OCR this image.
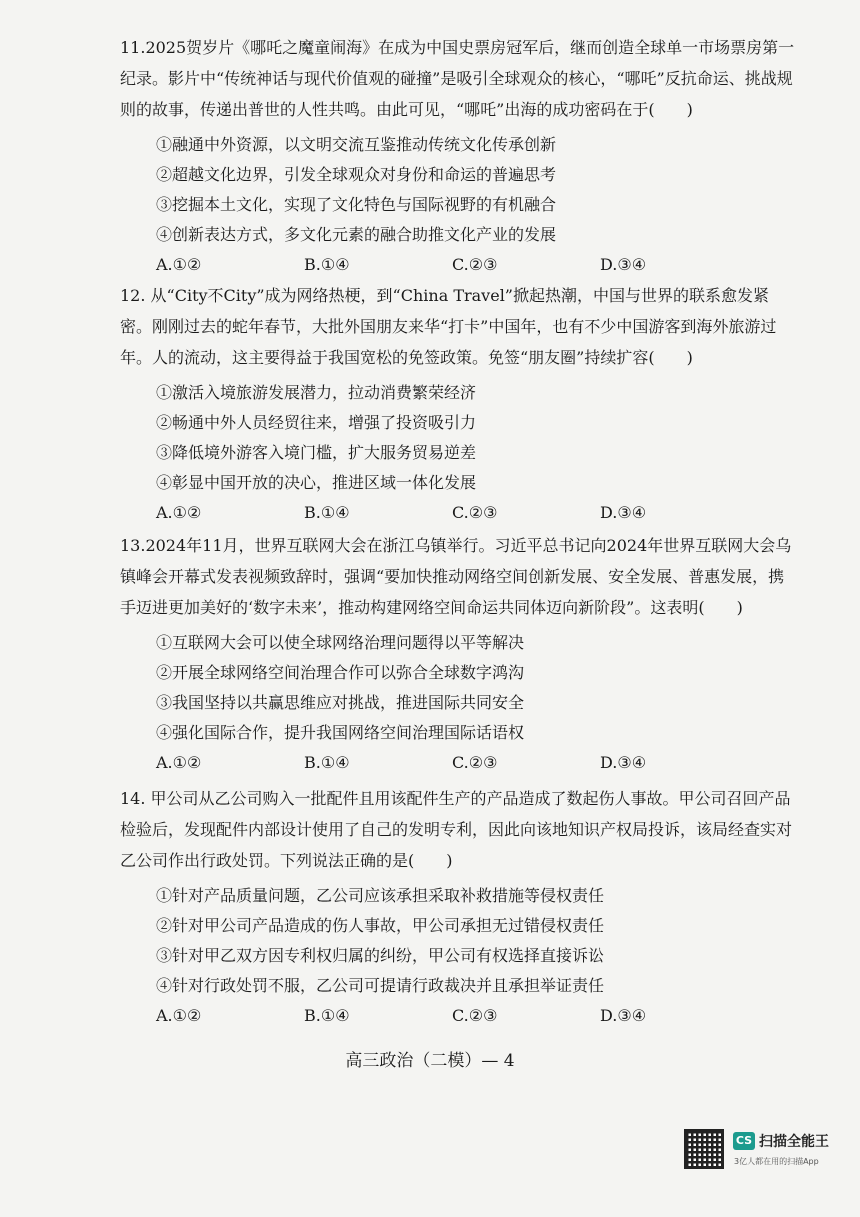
11.2025贺岁片《哪吒之魔童闹海》在成为中国史票房冠军后，继而创造全球单一市场票房第一纪录。影片中“传统神话与现代价值观的碰撞”是吸引全球观众的核心，“哪吒”反抗命运、挑战规则的故事，传递出普世的人性共鸣。由此可见，“哪吒”出海的成功密码在于(　　)

①融通中外资源，以文明交流互鉴推动传统文化传承创新
②超越文化边界，引发全球观众对身份和命运的普遍思考
③挖掘本土文化，实现了文化特色与国际视野的有机融合
④创新表达方式，多文化元素的融合助推文化产业的发展
A.①②	B.①④	C.②③	D.③④

12. 从“City不City”成为网络热梗，到“China Travel”掀起热潮，中国与世界的联系愈发紧密。刚刚过去的蛇年春节，大批外国朋友来华“打卡”中国年，也有不少中国游客到海外旅游过年。人的流动，这主要得益于我国宽松的免签政策。免签“朋友圈”持续扩容(　　)

①激活入境旅游发展潜力，拉动消费繁荣经济
②畅通中外人员经贸往来，增强了投资吸引力
③降低境外游客入境门槛，扩大服务贸易逆差
④彰显中国开放的决心，推进区域一体化发展
A.①②	B.①④	C.②③	D.③④

13.2024年11月，世界互联网大会在浙江乌镇举行。习近平总书记向2024年世界互联网大会乌镇峰会开幕式发表视频致辞时，强调“要加快推动网络空间创新发展、安全发展、普惠发展，携手迈进更加美好的‘数字未来’，推动构建网络空间命运共同体迈向新阶段”。这表明(　　)

①互联网大会可以使全球网络治理问题得以平等解决
②开展全球网络空间治理合作可以弥合全球数字鸿沟
③我国坚持以共赢思维应对挑战，推进国际共同安全
④强化国际合作，提升我国网络空间治理国际话语权
A.①②	B.①④	C.②③	D.③④

14. 甲公司从乙公司购入一批配件且用该配件生产的产品造成了数起伤人事故。甲公司召回产品检验后，发现配件内部设计使用了自己的发明专利，因此向该地知识产权局投诉，该局经查实对乙公司作出行政处罚。下列说法正确的是(　　)

①针对产品质量问题，乙公司应该承担采取补救措施等侵权责任
②针对甲公司产品造成的伤人事故，甲公司承担无过错侵权责任
③针对甲乙双方因专利权归属的纠纷，甲公司有权选择直接诉讼
④针对行政处罚不服，乙公司可提请行政裁决并且承担举证责任
A.①②	B.①④	C.②③	D.③④
高三政治（二模）— 4
CS 扫描全能王
3亿人都在用的扫描App
